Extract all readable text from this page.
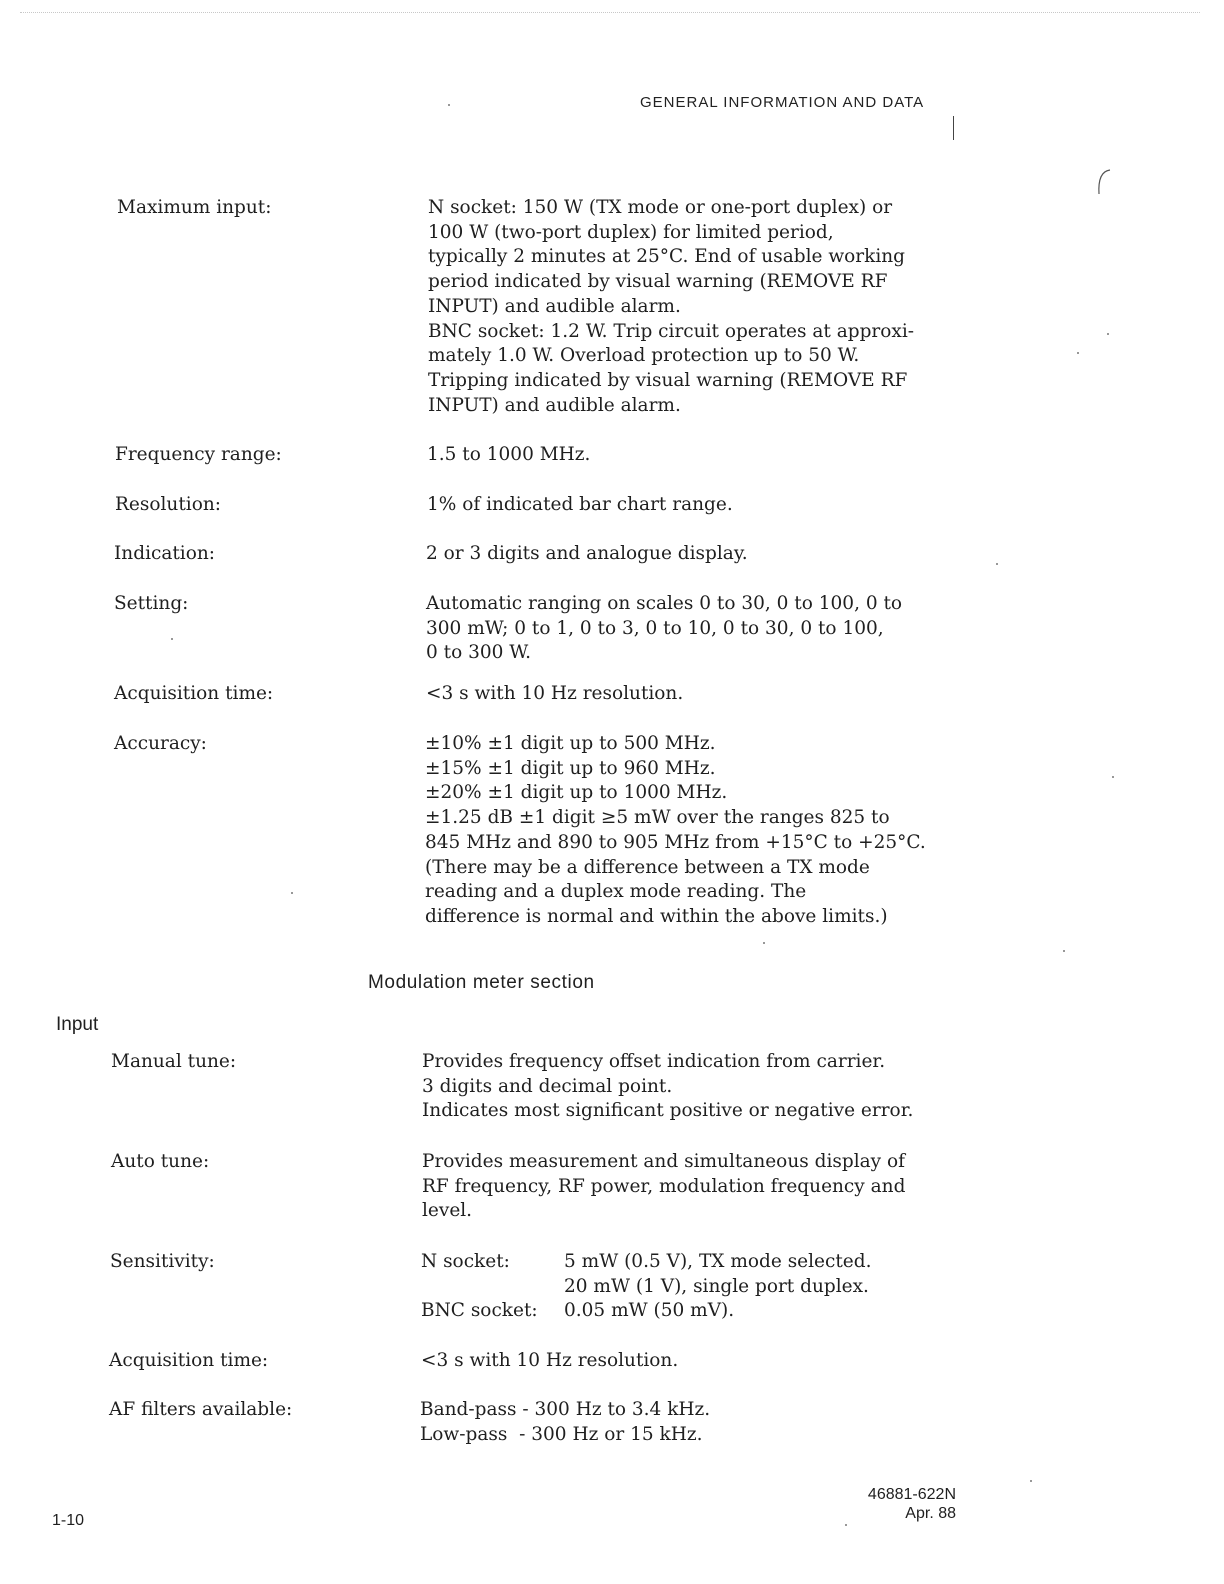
GENERAL INFORMATION AND DATA
Maximum input:	N socket: 150 W (TX mode or one-port duplex) or
100 W (two-port duplex) for limited period,
typically 2 minutes at 25°C. End of usable working
period indicated by visual warning (REMOVE RF
INPUT) and audible alarm.
BNC socket: 1.2 W. Trip circuit operates at approxi-
mately 1.0 W. Overload protection up to 50 W.
Tripping indicated by visual warning (REMOVE RF
INPUT) and audible alarm.
Frequency range:	1.5 to 1000 MHz.
Resolution:	1% of indicated bar chart range.
Indication:	2 or 3 digits and analogue display.
Setting:	Automatic ranging on scales 0 to 30, 0 to 100, 0 to
300 mW; 0 to 1, 0 to 3, 0 to 10, 0 to 30, 0 to 100,
0 to 300 W.
Acquisition time:	<3 s with 10 Hz resolution.
Accuracy:	±10% ±1 digit up to 500 MHz.
±15% ±1 digit up to 960 MHz.
±20% ±1 digit up to 1000 MHz.
±1.25 dB ±1 digit ≥5 mW over the ranges 825 to
845 MHz and 890 to 905 MHz from +15°C to +25°C.
(There may be a difference between a TX mode
reading and a duplex mode reading. The
difference is normal and within the above limits.)
Modulation meter section
Input
Manual tune:	Provides frequency offset indication from carrier.
3 digits and decimal point.
Indicates most significant positive or negative error.
Auto tune:	Provides measurement and simultaneous display of
RF frequency, RF power, modulation frequency and
level.
Sensitivity:	N socket:	5 mW (0.5 V), TX mode selected.
20 mW (1 V), single port duplex.
BNC socket: 0.05 mW (50 mV).
Acquisition time:	<3 s with 10 Hz resolution.
AF filters available:	Band-pass - 300 Hz to 3.4 kHz.
Low-pass  - 300 Hz or 15 kHz.
1-10
46881-622N
Apr. 88
